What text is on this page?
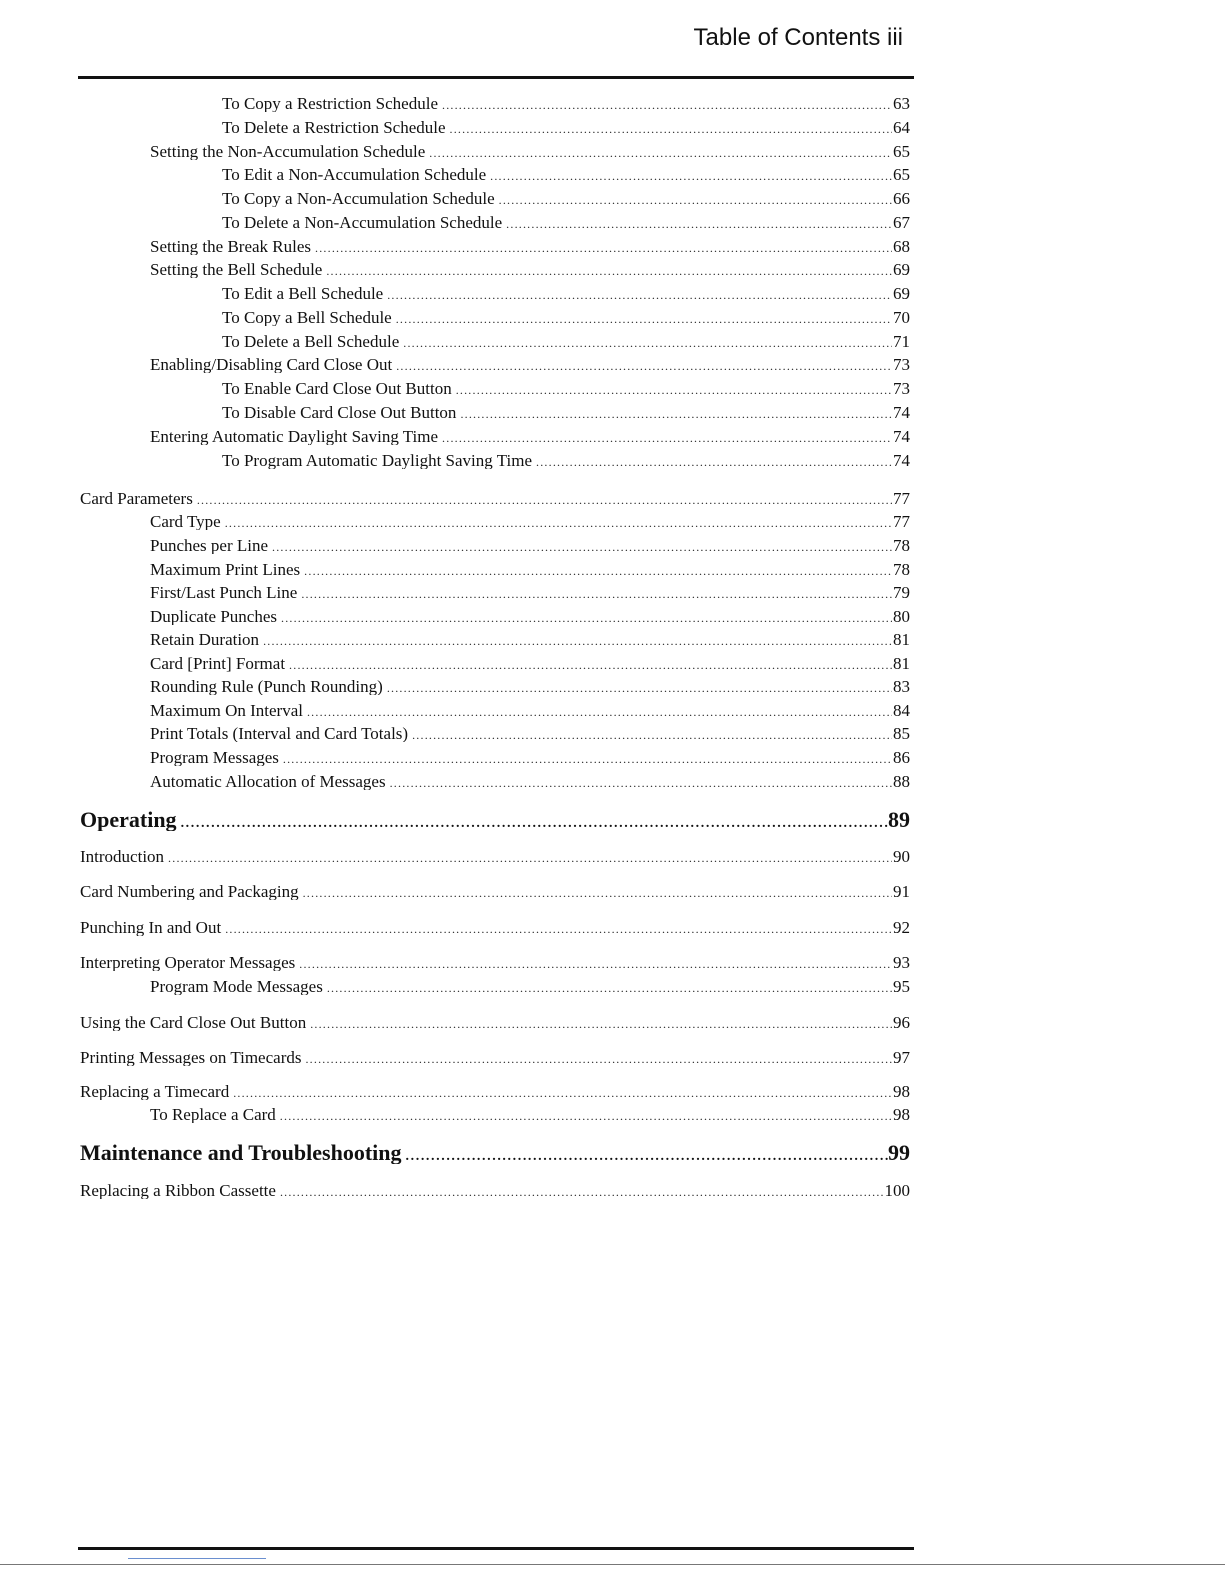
Table of Contents iii
To Copy a Restriction Schedule .....	63
To Delete a Restriction Schedule .....	64
Setting the Non-Accumulation Schedule .....	65
To Edit a Non-Accumulation Schedule .....	65
To Copy a Non-Accumulation Schedule .....	66
To Delete a Non-Accumulation Schedule .....	67
Setting the Break Rules .....	68
Setting the Bell Schedule .....	69
To Edit a Bell Schedule .....	69
To Copy a Bell Schedule .....	70
To Delete a Bell Schedule .....	71
Enabling/Disabling Card Close Out .....	73
To Enable Card Close Out Button .....	73
To Disable Card Close Out Button .....	74
Entering Automatic Daylight Saving Time .....	74
To Program Automatic Daylight Saving Time .....	74
Card Parameters .....	77
Card Type .....	77
Punches per Line .....	78
Maximum Print Lines .....	78
First/Last Punch Line .....	79
Duplicate Punches .....	80
Retain Duration .....	81
Card [Print] Format .....	81
Rounding Rule (Punch Rounding) .....	83
Maximum On Interval .....	84
Print Totals (Interval and Card Totals) .....	85
Program Messages .....	86
Automatic Allocation of Messages .....	88
Operating .....	89
Introduction .....	90
Card Numbering and Packaging .....	91
Punching In and Out .....	92
Interpreting Operator Messages .....	93
Program Mode Messages .....	95
Using the Card Close Out Button .....	96
Printing Messages on Timecards .....	97
Replacing a Timecard .....	98
To Replace a Card .....	98
Maintenance and Troubleshooting .....	99
Replacing a Ribbon Cassette .....	100
